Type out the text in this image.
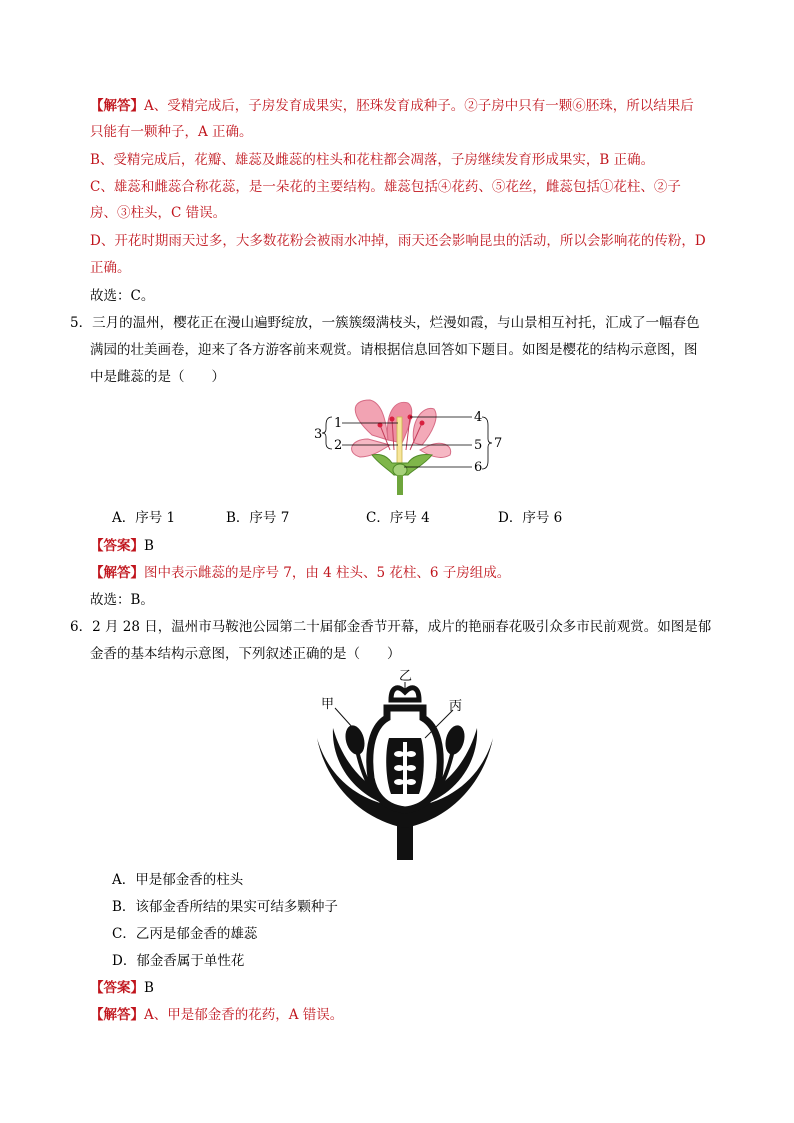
【解答】A、受精完成后，子房发育成果实，胚珠发育成种子。②子房中只有一颗⑥胚珠，所以结果后
只能有一颗种子，A 正确。
B、受精完成后，花瓣、雄蕊及雌蕊的柱头和花柱都会凋落，子房继续发育形成果实，B 正确。
C、雄蕊和雌蕊合称花蕊，是一朵花的主要结构。雄蕊包括④花药、⑤花丝，雌蕊包括①花柱、②子
房、③柱头，C 错误。
D、开花时期雨天过多，大多数花粉会被雨水冲掉，雨天还会影响昆虫的活动，所以会影响花的传粉，D
正确。
故选：C。
5．三月的温州，樱花正在漫山遍野绽放，一簇簇缀满枝头，烂漫如霞，与山景相互衬托，汇成了一幅春色
满园的壮美画卷，迎来了各方游客前来观赏。请根据信息回答如下题目。如图是樱花的结构示意图，图
中是雌蕊的是（　　）
1
2
3
4
5
6
7
A．序号 1	B．序号 7	C．序号 4	D．序号 6
【答案】B
【解答】图中表示雌蕊的是序号 7，由 4 柱头、5 花柱、6 子房组成。
故选：B。
6．2 月 28 日，温州市马鞍池公园第二十届郁金香节开幕，成片的艳丽春花吸引众多市民前观赏。如图是郁
金香的基本结构示意图，下列叙述正确的是（　　）
甲
乙
丙
A．甲是郁金香的柱头
B．该郁金香所结的果实可结多颗种子
C．乙丙是郁金香的雄蕊
D．郁金香属于单性花
【答案】B
【解答】A、甲是郁金香的花药，A 错误。
